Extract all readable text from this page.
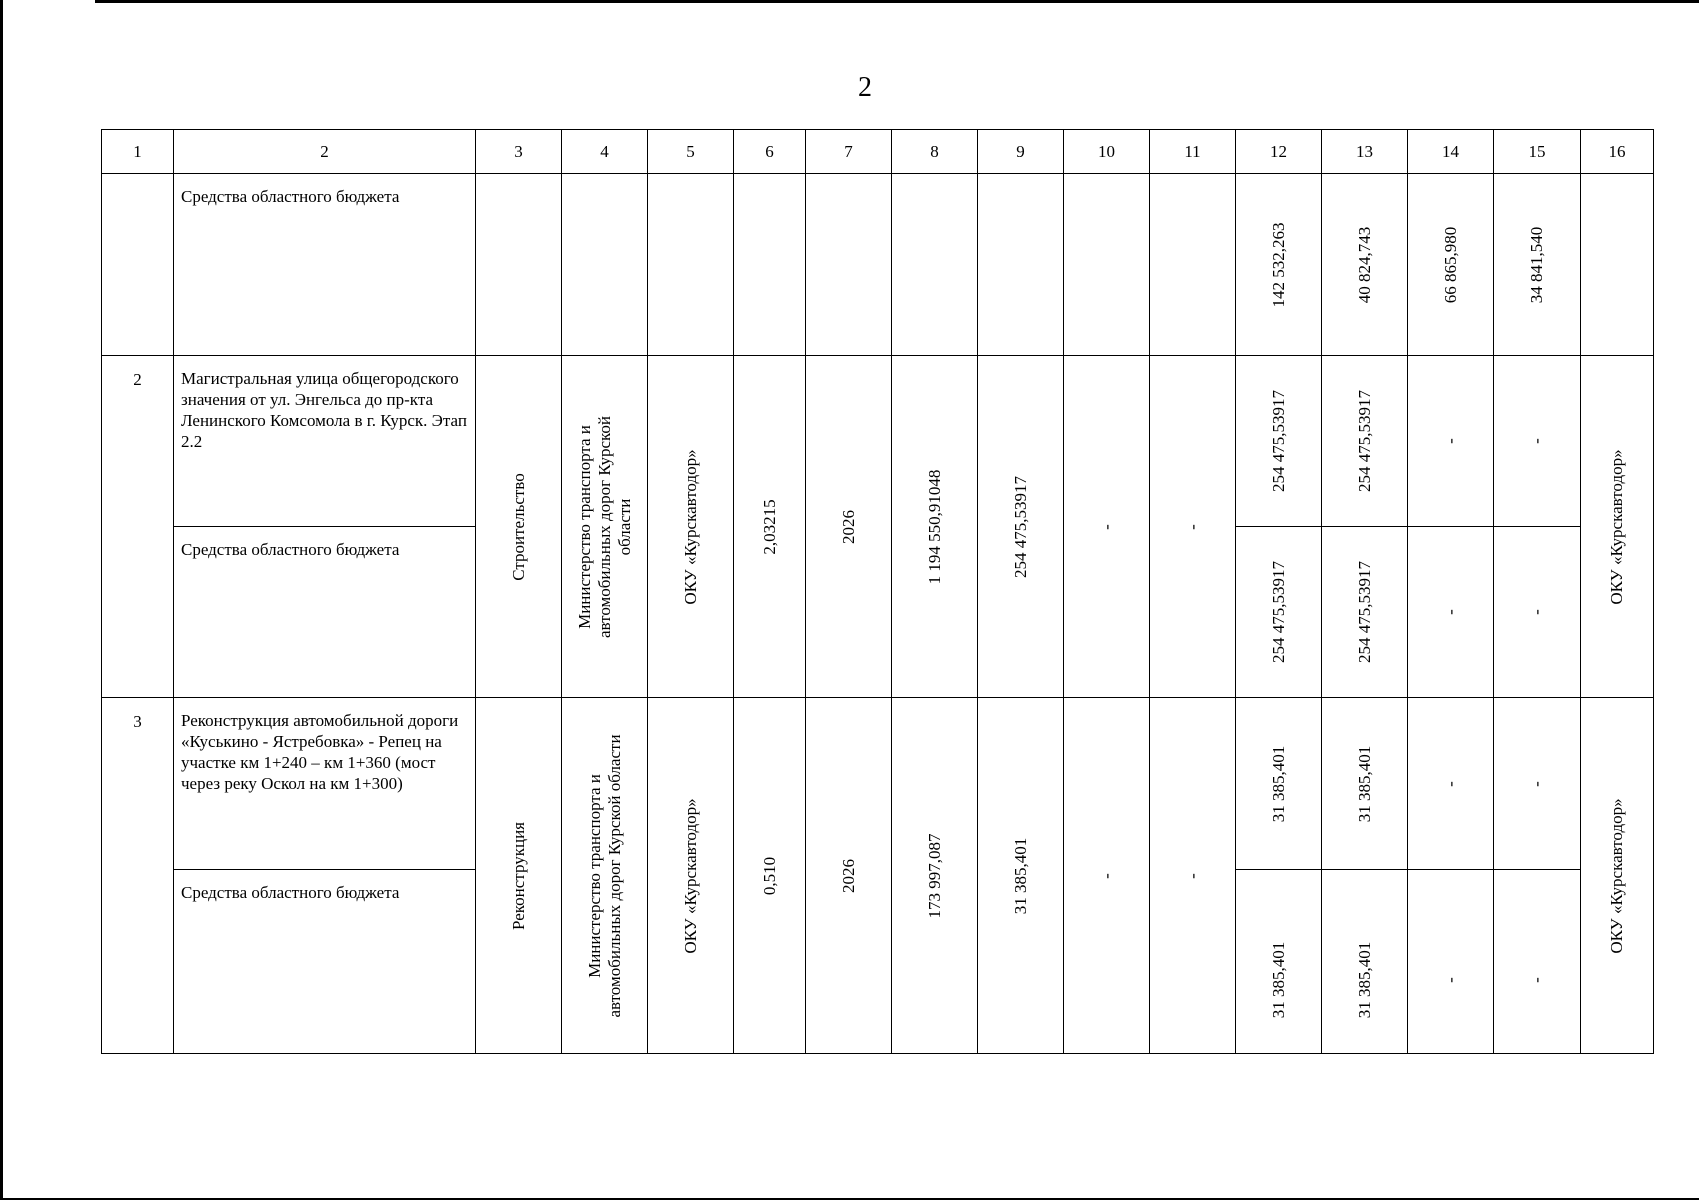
2
1	2	3	4	5	6	7	8	9	10	11	12	13	14	15	16
	Средства областного бюджета										142 532,263	40 824,743	66 865,980	34 841,540	

2	Магистральная улица общегородского значения от ул. Энгельса до пр-кта Ленинского Комсомола в г. Курск. Этап 2.2	Строительство	Министерство транспорта и автомобильных дорог Курской области	ОКУ «Курскавтодор»	2,03215	2026	1 194 550,91048	254 475,53917	-	-	254 475,53917	254 475,53917	-	-	ОКУ «Курскавтодор»

	Средства областного бюджета										254 475,53917	254 475,53917	-	-	

3	Реконструкция автомобильной дороги «Куськино - Ястребовка» - Репец на участке км 1+240 – км 1+360 (мост через реку Оскол на км 1+300)	Реконструкция	Министерство транспорта и автомобильных дорог Курской области	ОКУ «Курскавтодор»	0,510	2026	173 997,087	31 385,401	-	-	31 385,401	31 385,401	-	-	ОКУ «Курскавтодор»

	Средства областного бюджета										31 385,401	31 385,401	-	-	
